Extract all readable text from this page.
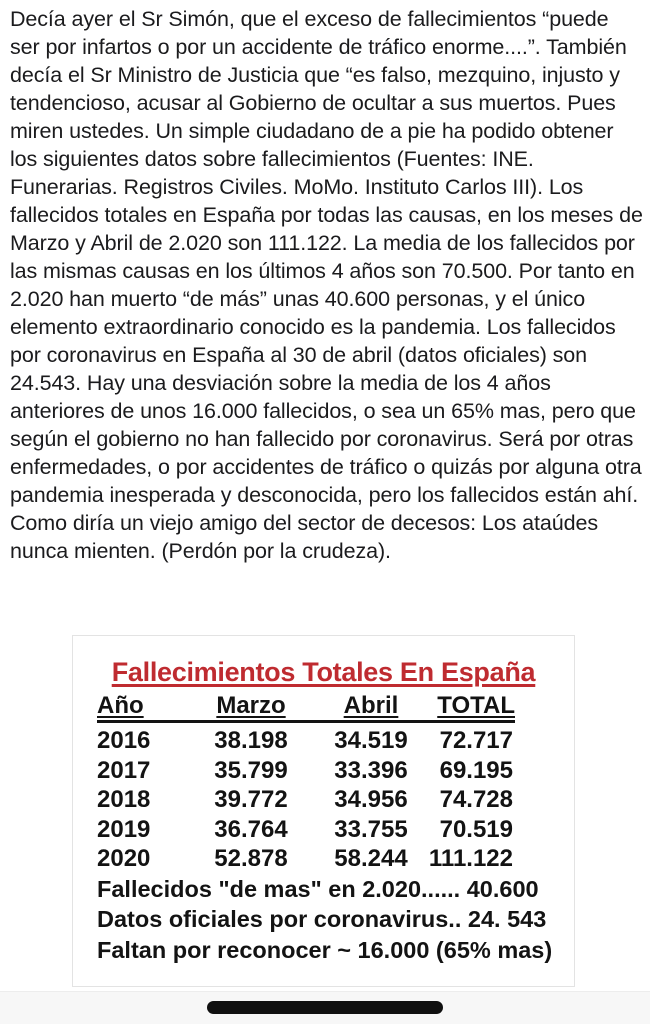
Decía ayer el Sr Simón, que el exceso de fallecimientos “puede ser por infartos o por un accidente de tráfico enorme....”. También decía el Sr Ministro de Justicia que “es falso, mezquino, injusto y tendencioso, acusar al Gobierno de ocultar a sus muertos. Pues miren ustedes. Un simple ciudadano de a pie ha podido obtener los siguientes datos sobre fallecimientos (Fuentes: INE. Funerarias. Registros Civiles. MoMo. Instituto Carlos III). Los fallecidos totales en España por todas las causas, en los meses de Marzo y Abril de 2.020 son 111.122. La media de los fallecidos por las mismas causas en los últimos 4 años son 70.500. Por tanto en 2.020 han muerto “de más” unas 40.600 personas, y el único elemento extraordinario conocido es la pandemia. Los fallecidos por coronavirus en España al 30 de abril (datos oficiales) son 24.543. Hay una desviación sobre la media de los 4 años anteriores de unos 16.000 fallecidos, o sea un 65% mas, pero que según el gobierno no han fallecido por coronavirus. Será por otras enfermedades, o por accidentes de tráfico o quizás por alguna otra pandemia inesperada y desconocida, pero los fallecidos están ahí. Como diría un viejo amigo del sector de decesos: Los ataúdes nunca mienten. (Perdón por la crudeza).
Fallecimientos Totales En España
Año	Marzo	Abril	TOTAL
2016	38.198	34.519	72.717
2017	35.799	33.396	69.195
2018	39.772	34.956	74.728
2019	36.764	33.755	70.519
2020	52.878	58.244	111.122
Fallecidos "de mas" en 2.020...... 40.600
Datos oficiales por coronavirus.. 24. 543
Faltan por reconocer ~ 16.000 (65% mas)
